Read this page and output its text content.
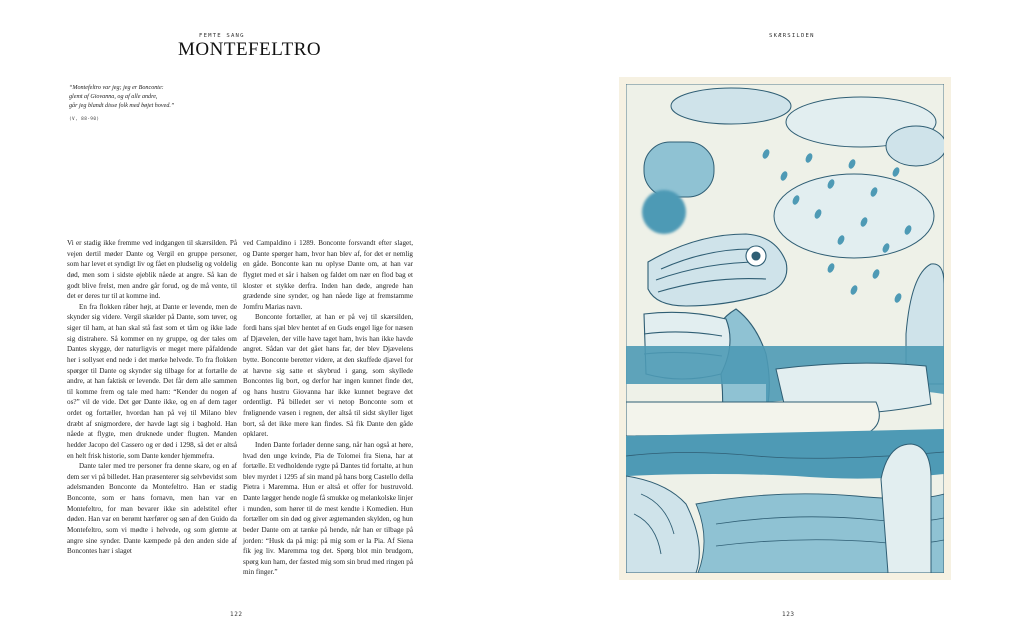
FEMTE SANG
MONTEFELTRO

“Montefeltro var jeg; jeg er Bonconte:

glemt af Giovanna, og af alle andre,

går jeg blandt disse folk med bøjet hoved.”

(V, 88-90)

Vi er stadig ikke fremme ved indgangen til skærsilden. På vejen dertil møder Dante og Vergil en gruppe personer, som har levet et syndigt liv og fået en pludselig og voldelig død, men som i sidste øjeblik nåede at angre. Så kan de godt blive frelst, men andre går forud, og de må vente, til det er deres tur til at komme ind.

En fra flokken råber højt, at Dante er levende, men de skynder sig videre. Vergil skælder på Dante, som tøver, og siger til ham, at han skal stå fast som et tårn og ikke lade sig distrahere. Så kommer en ny gruppe, og der tales om Dantes skygge, der naturligvis er meget mere påfaldende her i sollyset end nede i det mørke helvede. To fra flokken spørger til Dante og skynder sig tilbage for at fortælle de andre, at han faktisk er levende. Det får dem alle sammen til komme frem og tale med ham: “Kender du nogen af os?” vil de vide. Det gør Dante ikke, og en af dem tager ordet og fortæller, hvordan han på vej til Milano blev dræbt af snigmordere, der havde lagt sig i baghold. Han nåede at flygte, men druknede under flugten. Manden hedder Jacopo del Cassero og er død i 1298, så det er altså en helt frisk historie, som Dante kender hjemmefra.

Dante taler med tre personer fra denne skare, og en af dem ser vi på billedet. Han præsenterer sig selvbevidst som adelsmanden Bonconte da Montefeltro. Han er stadig Bonconte, som er hans fornavn, men han var en Montefeltro, for man bevarer ikke sin adelstitel efter døden. Han var en berømt hærfører og søn af den Guido da Montefeltro, som vi mødte i helvede, og som glemte at angre sine synder. Dante kæmpede på den anden side af Boncontes hær i slaget

ved Campaldino i 1289. Bonconte forsvandt efter slaget, og Dante spørger ham, hvor han blev af, for det er nemlig en gåde. Bonconte kan nu oplyse Dante om, at han var flygtet med et sår i halsen og faldet om nær en flod bag et kloster et stykke derfra. Inden han døde, angrede han grædende sine synder, og han nåede lige at fremstamme Jomfru Marias navn.

Bonconte fortæller, at han er på vej til skærsilden, fordi hans sjæl blev hentet af en Guds engel lige for næsen af Djævelen, der ville have taget ham, hvis han ikke havde angret. Sådan var det gået hans far, der blev Djævelens bytte. Bonconte beretter videre, at den skuffede djævel for at hævne sig satte et skybrud i gang, som skyllede Boncontes lig bort, og derfor har ingen kunnet finde det, og hans hustru Giovanna har ikke kunnet begrave det ordentligt. På billedet ser vi netop Bonconte som et frølignende væsen i regnen, der altså til sidst skyller liget bort, så det ikke mere kan findes. Så fik Dante den gåde opklaret.

Inden Dante forlader denne sang, når han også at høre, hvad den unge kvinde, Pia de Tolomei fra Siena, har at fortælle. Et vedholdende rygte på Dantes tid fortalte, at hun blev myrdet i 1295 af sin mand på hans borg Castello della Pietra i Maremma. Hun er altså et offer for hustruvold. Dante lægger hende nogle få smukke og melankolske linjer i munden, som hører til de mest kendte i Komedien. Hun fortæller om sin død og giver ægtemanden skylden, og hun beder Dante om at tænke på hende, når han er tilbage på jorden: “Husk da på mig: på mig som er la Pia. Af Siena fik jeg liv. Maremma tog det. Spørg blot min brudgom, spørg kun ham, der fæsted mig som sin brud med ringen på min finger.”

122
SKÆRSILDEN
123
